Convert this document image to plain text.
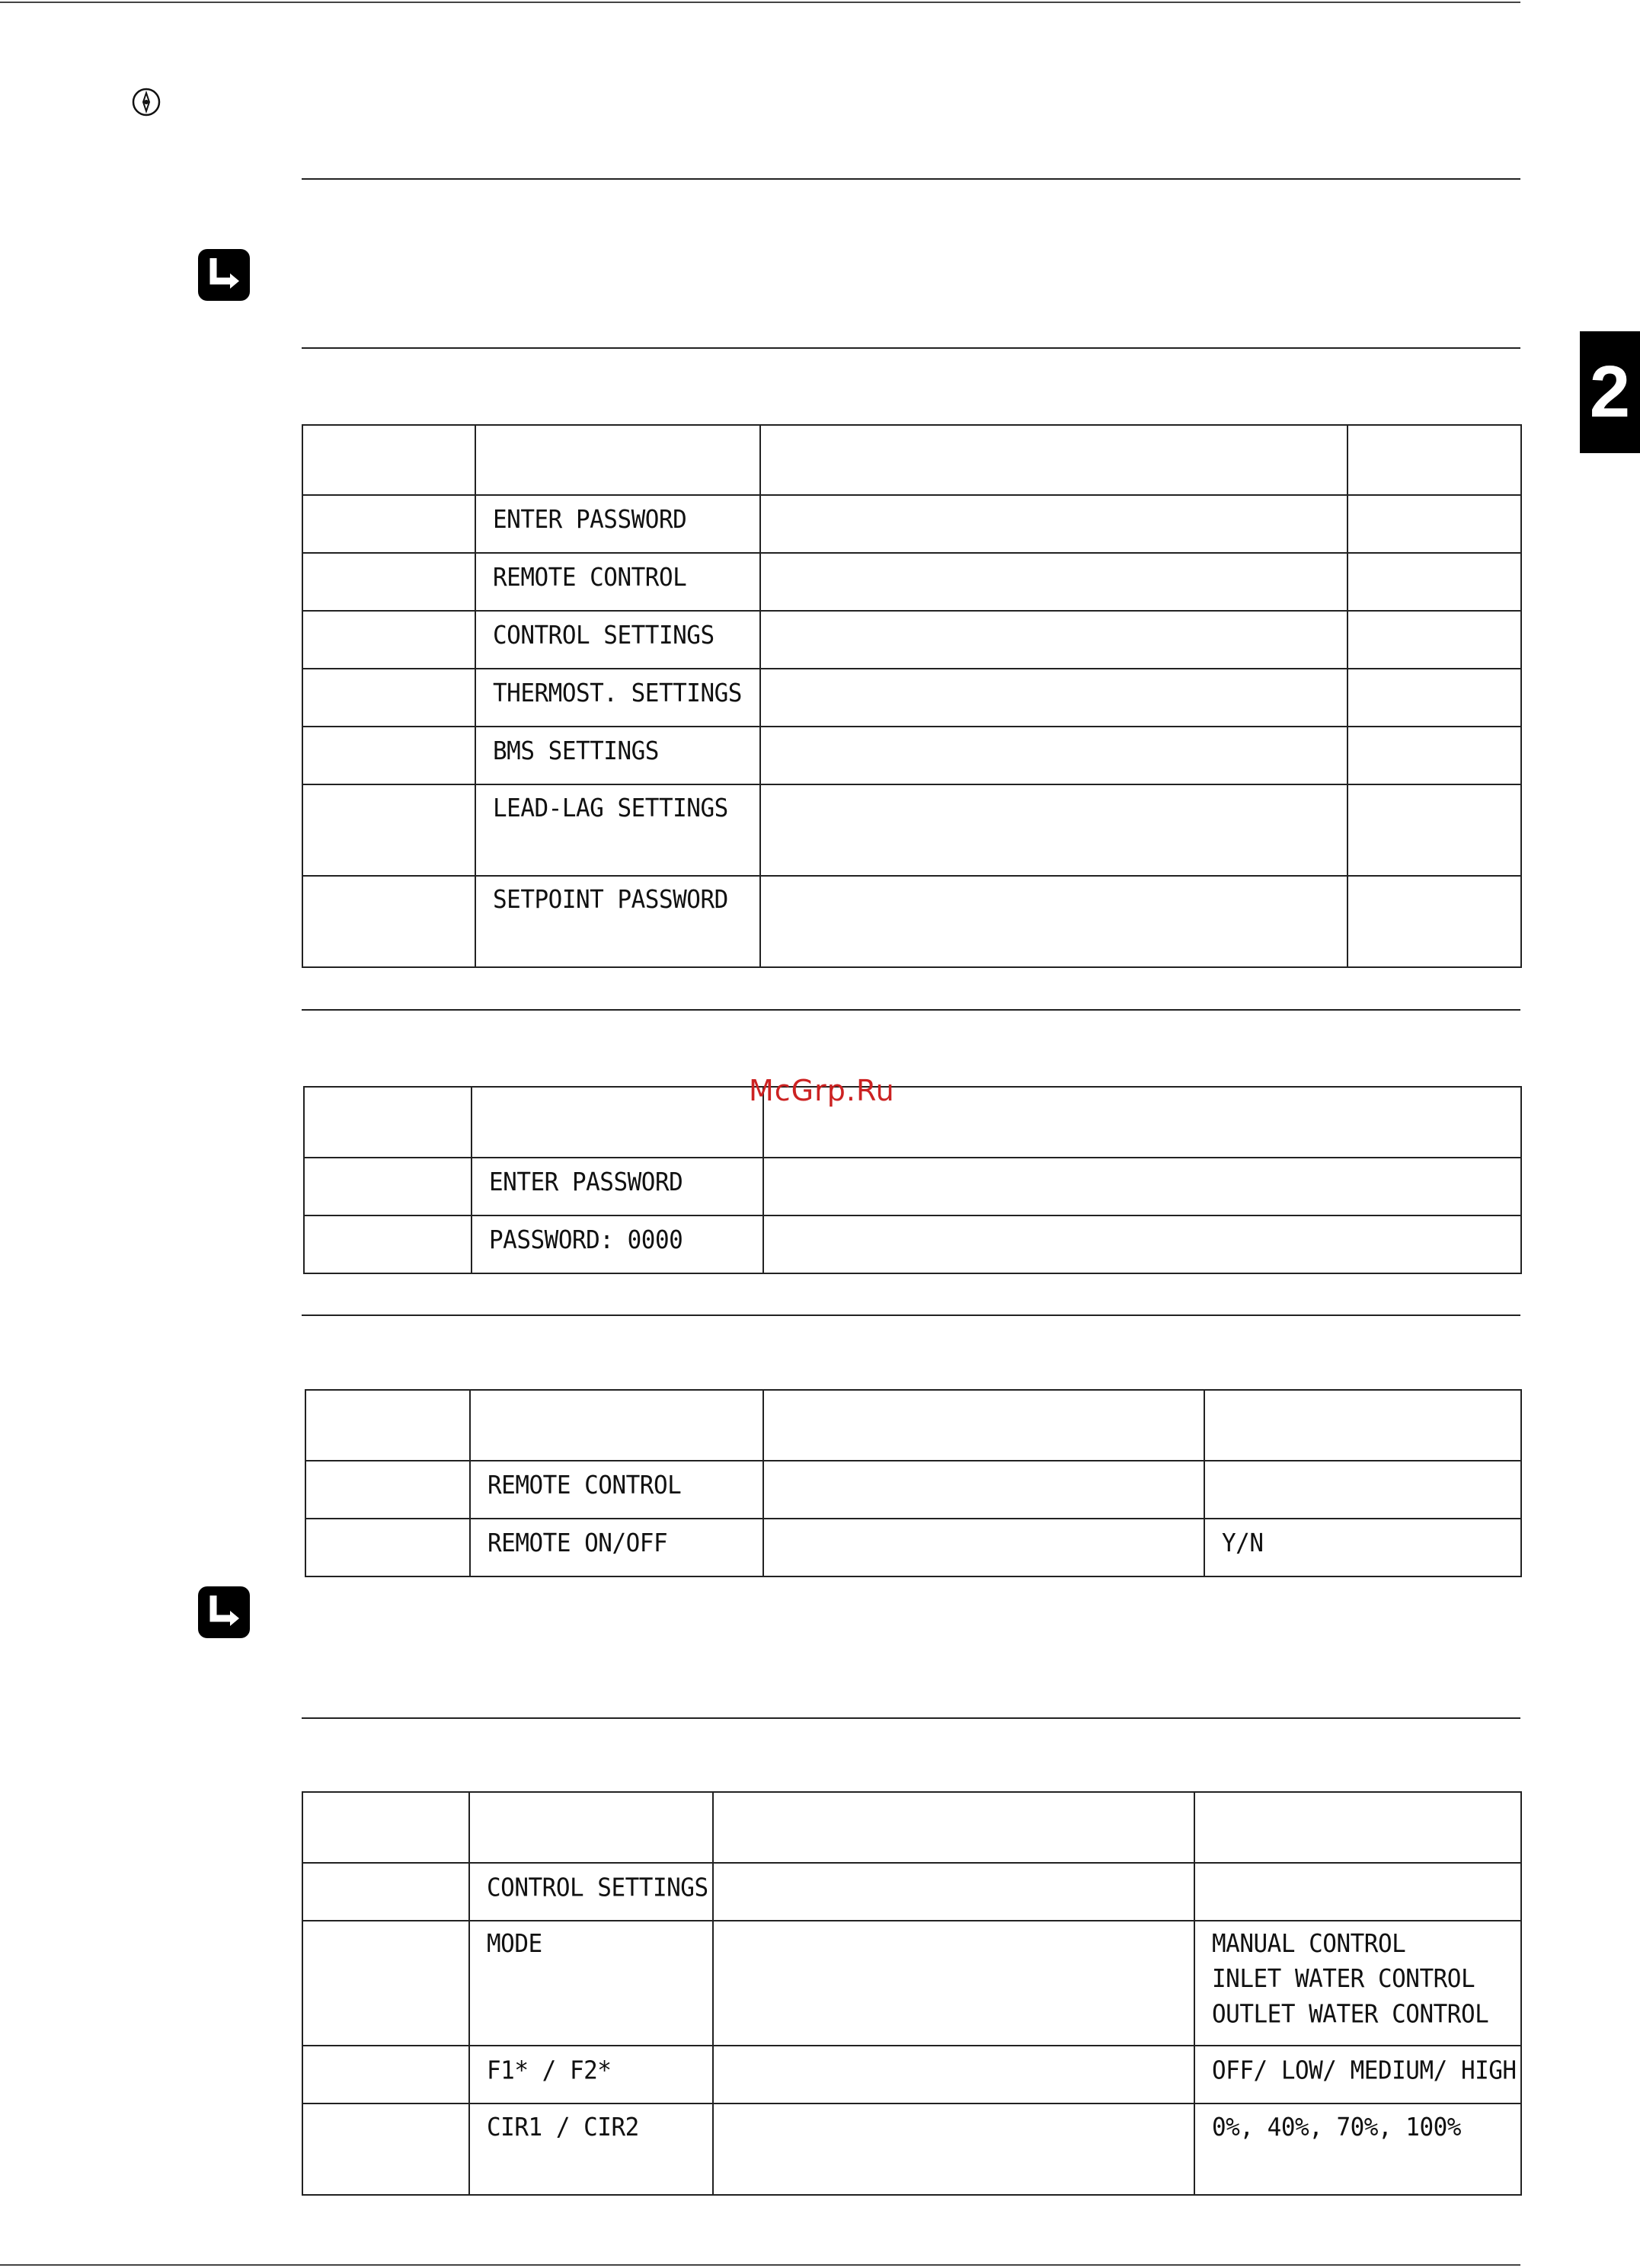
2

	ENTER PASSWORD		
	REMOTE CONTROL		
	CONTROL SETTINGS		
	THERMOST. SETTINGS		
	BMS SETTINGS		
	LEAD-LAG SETTINGS		
	SETPOINT PASSWORD		

	ENTER PASSWORD	
	PASSWORD: 0000	
McGrp.Ru

	REMOTE CONTROL		
	REMOTE ON/OFF		Y/N

	CONTROL SETTINGS		
	MODE		MANUAL CONTROL
INLET WATER CONTROL
OUTLET WATER CONTROL

	F1* / F2*		OFF/ LOW/ MEDIUM/ HIGH
	CIR1 / CIR2		0%, 40%, 70%, 100%
